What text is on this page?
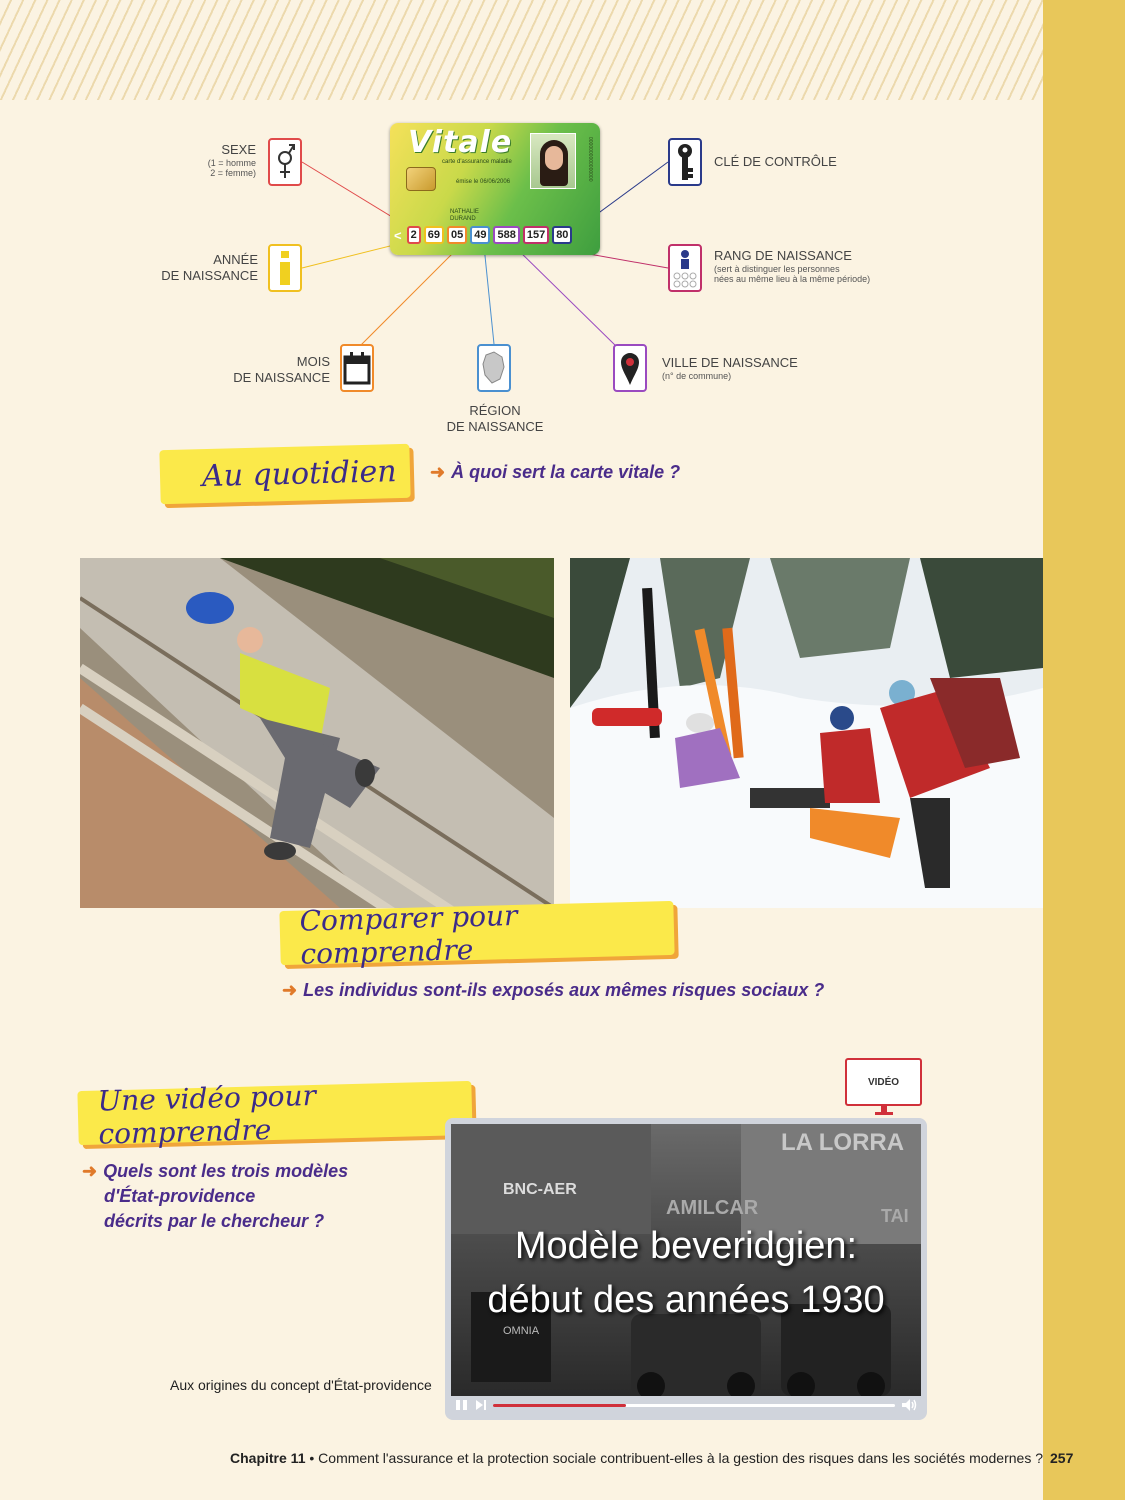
Vitale
carte d'assurance maladie
émise le 06/06/2006
NATHALIE
DURAND
0000000000000000
< 2	69	05	49	588	157	80
SEXE
(1 = homme
2 = femme)
ANNÉE
DE NAISSANCE
MOIS
DE NAISSANCE
RÉGION
DE NAISSANCE
VILLE DE NAISSANCE
(n° de commune)
RANG DE NAISSANCE
(sert à distinguer les personnes
nées au même lieu à la même période)
CLÉ DE CONTRÔLE
Au quotidien ➜ À quoi sert la carte vitale ?
Comparer pour comprendre
➜ Les individus sont-ils exposés aux mêmes risques sociaux ?
Une vidéo pour comprendre
➜ Quels sont les trois modèles
d'État-providence
décrits par le chercheur ?
VIDÉO
LA LORRA
BNC-AER
AMILCAR	TAI
OMNIA
Modèle beveridgien:
début des années 1930
Aux origines du concept d'État-providence
Chapitre 11 • Comment l'assurance et la protection sociale contribuent-elles à la gestion des risques dans les sociétés modernes ? 257
